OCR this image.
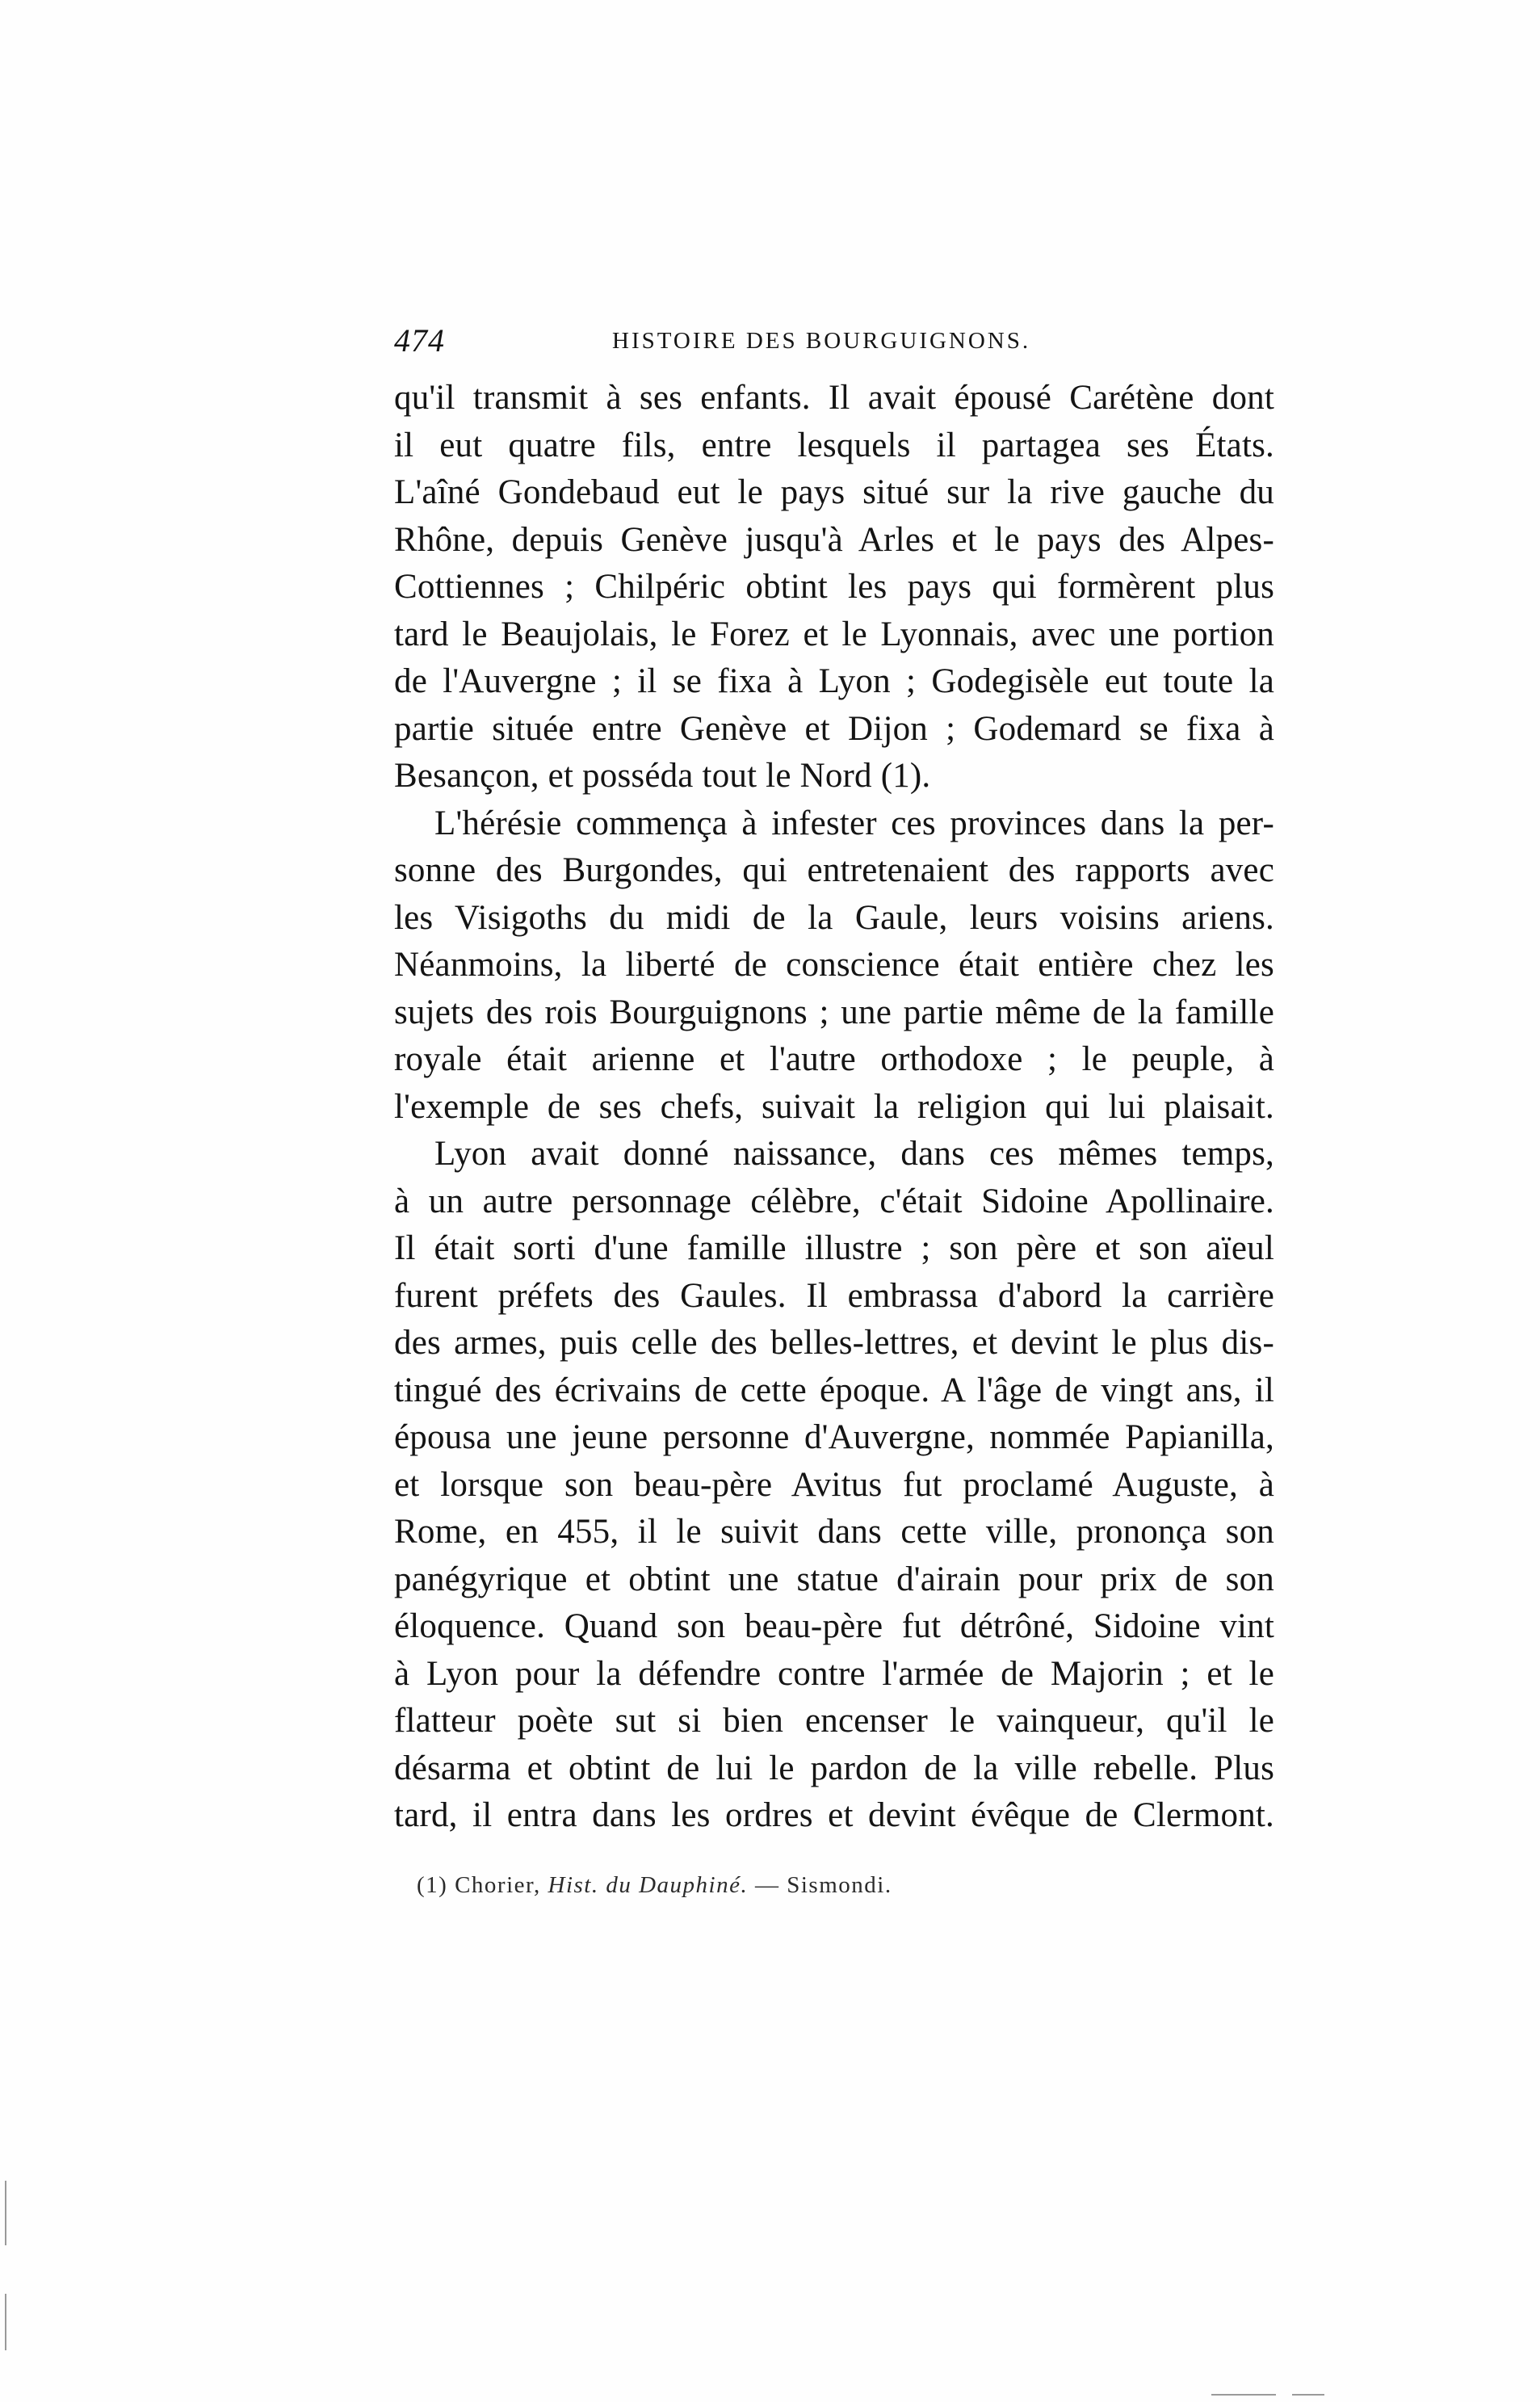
474	HISTOIRE DES BOURGUIGNONS.
qu'il transmit à ses enfants. Il avait épousé Carétène dont
il eut quatre fils, entre lesquels il partagea ses États.
L'aîné Gondebaud eut le pays situé sur la rive gauche du
Rhône, depuis Genève jusqu'à Arles et le pays des Alpes-
Cottiennes ; Chilpéric obtint les pays qui formèrent plus
tard le Beaujolais, le Forez et le Lyonnais, avec une portion
de l'Auvergne ; il se fixa à Lyon ; Godegisèle eut toute la
partie située entre Genève et Dijon ; Godemard se fixa à
Besançon, et posséda tout le Nord (1).
L'hérésie commença à infester ces provinces dans la per-
sonne des Burgondes, qui entretenaient des rapports avec
les Visigoths du midi de la Gaule, leurs voisins ariens.
Néanmoins, la liberté de conscience était entière chez les
sujets des rois Bourguignons ; une partie même de la famille
royale était arienne et l'autre orthodoxe ; le peuple, à
l'exemple de ses chefs, suivait la religion qui lui plaisait.
Lyon avait donné naissance, dans ces mêmes temps,
à un autre personnage célèbre, c'était Sidoine Apollinaire.
Il était sorti d'une famille illustre ; son père et son aïeul
furent préfets des Gaules. Il embrassa d'abord la carrière
des armes, puis celle des belles-lettres, et devint le plus dis-
tingué des écrivains de cette époque. A l'âge de vingt ans, il
épousa une jeune personne d'Auvergne, nommée Papianilla,
et lorsque son beau-père Avitus fut proclamé Auguste, à
Rome, en 455, il le suivit dans cette ville, prononça son
panégyrique et obtint une statue d'airain pour prix de son
éloquence. Quand son beau-père fut détrôné, Sidoine vint
à Lyon pour la défendre contre l'armée de Majorin ; et le
flatteur poète sut si bien encenser le vainqueur, qu'il le
désarma et obtint de lui le pardon de la ville rebelle. Plus
tard, il entra dans les ordres et devint évêque de Clermont.
(1) Chorier, Hist. du Dauphiné. — Sismondi.
